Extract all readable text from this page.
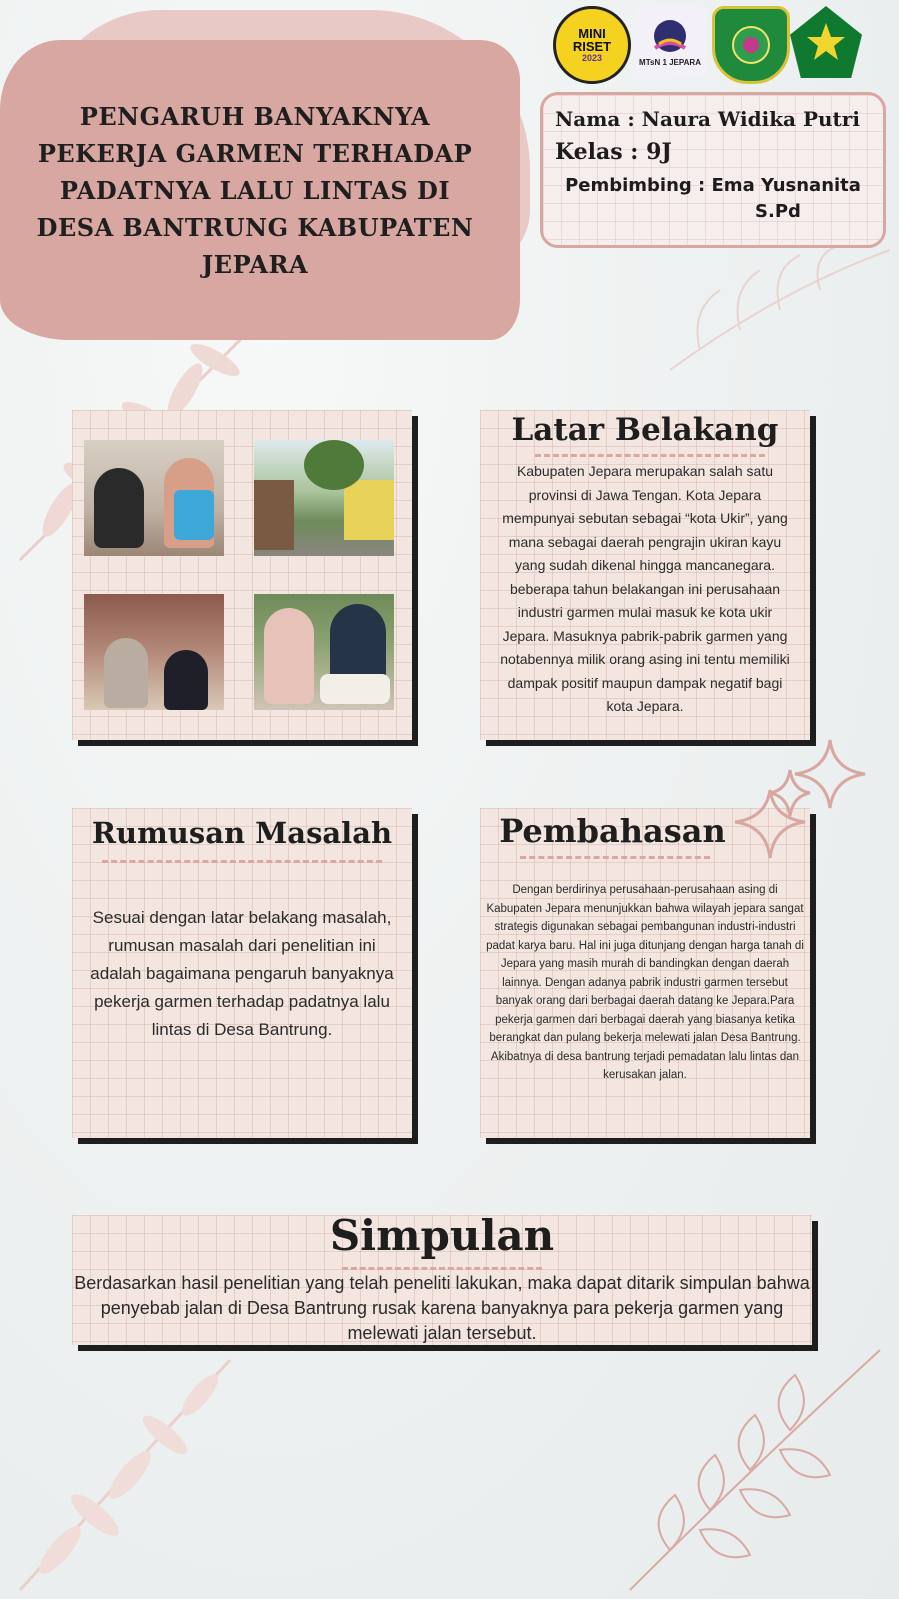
PENGARUH BANYAKNYA PEKERJA GARMEN TERHADAP PADATNYA LALU LINTAS DI DESA BANTRUNG KABUPATEN JEPARA
MINI
RISET
2023	MTsN 1 JEPARA
Nama : Naura Widika Putri
Kelas : 9J
Pembimbing : Ema Yusnanita
S.Pd
Latar Belakang
Kabupaten Jepara merupakan salah satu provinsi di Jawa Tengan. Kota Jepara mempunyai sebutan sebagai “kota Ukir”, yang mana sebagai daerah pengrajin ukiran kayu yang sudah dikenal hingga mancanegara. beberapa tahun belakangan ini perusahaan industri garmen mulai masuk ke kota ukir Jepara. Masuknya pabrik-pabrik garmen yang notabennya milik orang asing ini tentu memiliki dampak positif maupun dampak negatif bagi kota Jepara.
Rumusan Masalah
Sesuai dengan latar belakang masalah, rumusan masalah dari penelitian ini adalah bagaimana pengaruh banyaknya pekerja garmen terhadap padatnya lalu lintas di Desa Bantrung.
Pembahasan
Dengan berdirinya perusahaan-perusahaan asing di Kabupaten Jepara menunjukkan bahwa wilayah jepara sangat strategis digunakan sebagai pembangunan industri-industri padat karya baru. Hal ini juga ditunjang dengan harga tanah di Jepara yang masih murah di bandingkan dengan daerah lainnya. Dengan adanya pabrik industri garmen tersebut banyak orang dari berbagai daerah datang ke Jepara.Para pekerja garmen dari berbagai daerah yang biasanya ketika berangkat dan pulang bekerja melewati jalan Desa Bantrung. Akibatnya di desa bantrung terjadi pemadatan lalu lintas dan kerusakan jalan.
Simpulan
Berdasarkan hasil penelitian yang telah peneliti lakukan, maka dapat ditarik simpulan bahwa penyebab jalan di Desa Bantrung rusak karena banyaknya para pekerja garmen yang melewati jalan tersebut.
